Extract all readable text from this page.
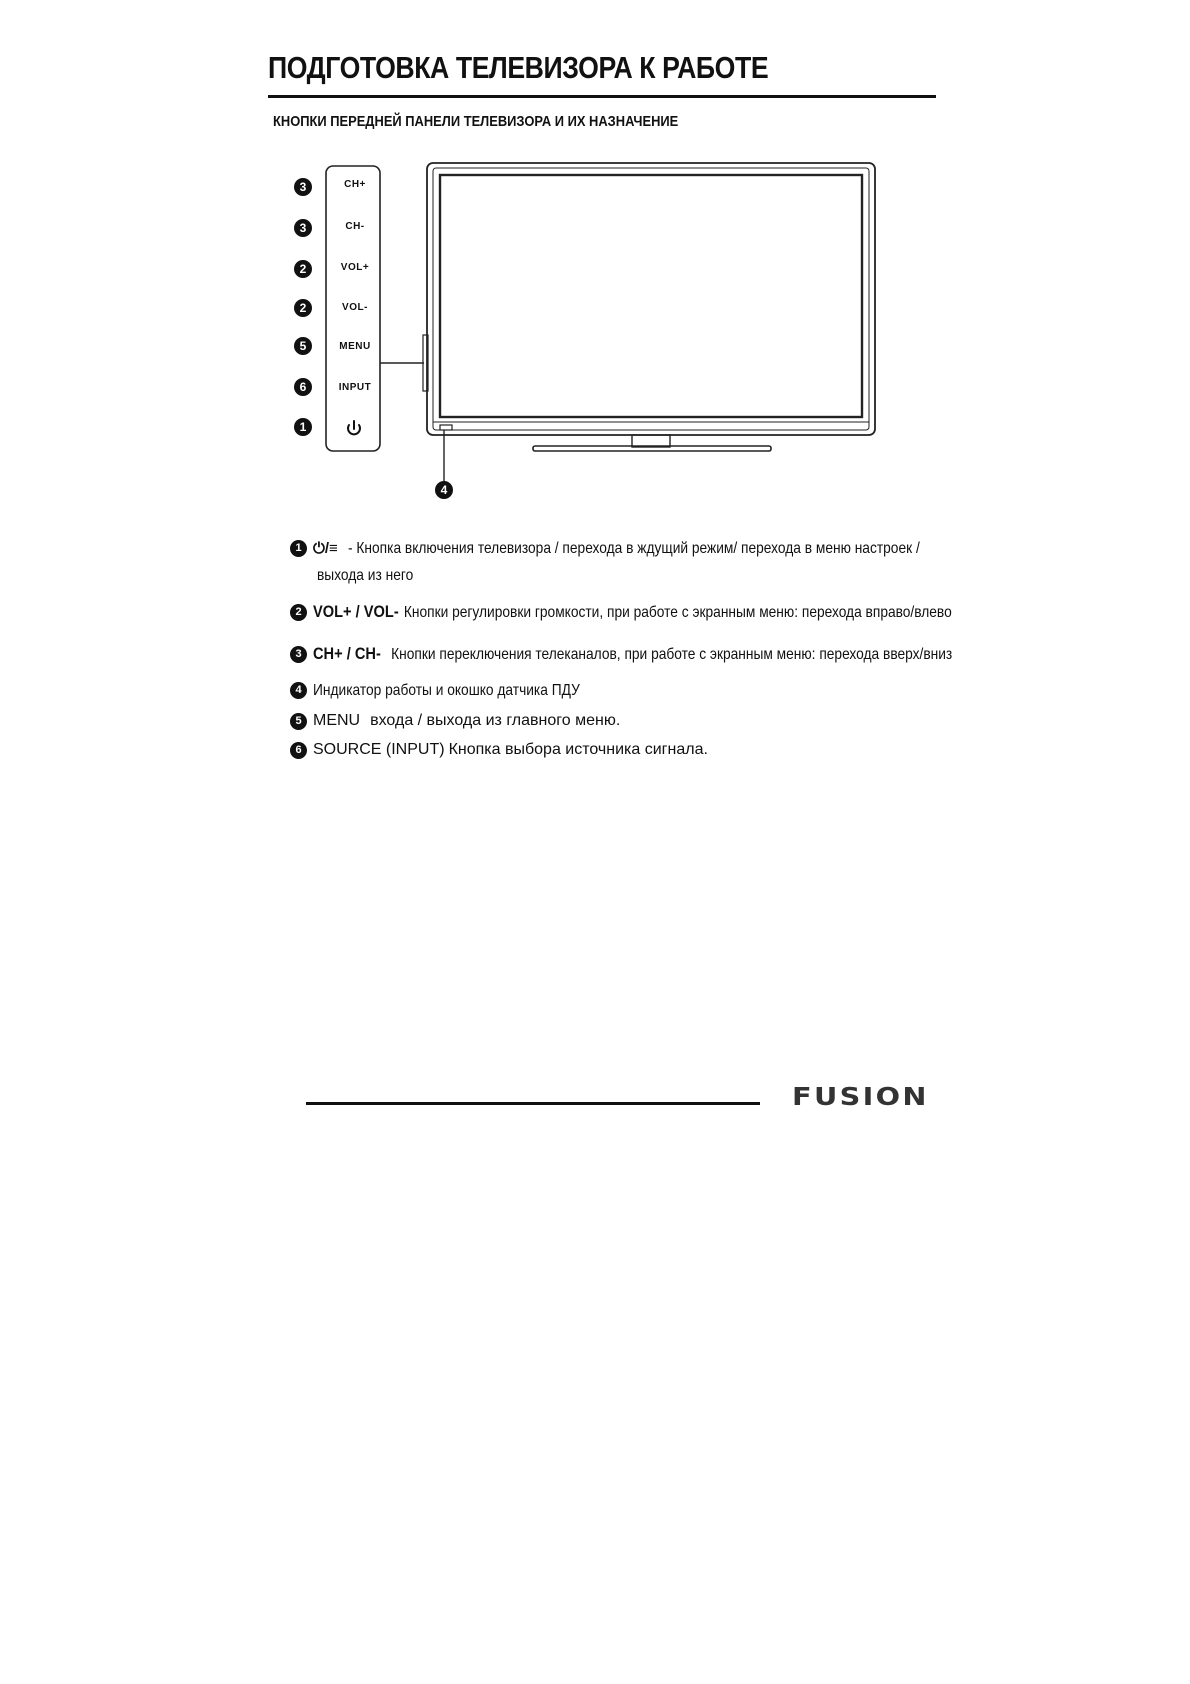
ПОДГОТОВКА ТЕЛЕВИЗОРА К РАБОТЕ
КНОПКИ ПЕРЕДНЕЙ ПАНЕЛИ ТЕЛЕВИЗОРА И ИХ НАЗНАЧЕНИЕ
3
3
2
2
5
6
1
4
CH+
CH-
VOL+
VOL-
MENU
INPUT
1 ⏻/≡ - Кнопка включения телевизора / перехода в ждущий режим/ перехода в меню настроек /
выхода из него
2 VOL+ / VOL- Кнопки регулировки громкости, при работе с экранным меню: перехода вправо/влево
3 CH+ / CH- Кнопки переключения телеканалов, при работе с экранным меню: перехода вверх/вниз
4 Индикатор работы и окошко датчика ПДУ
5 MENU входа / выхода из главного меню.
6 SOURCE (INPUT) Кнопка выбора источника сигнала.
FUSION
